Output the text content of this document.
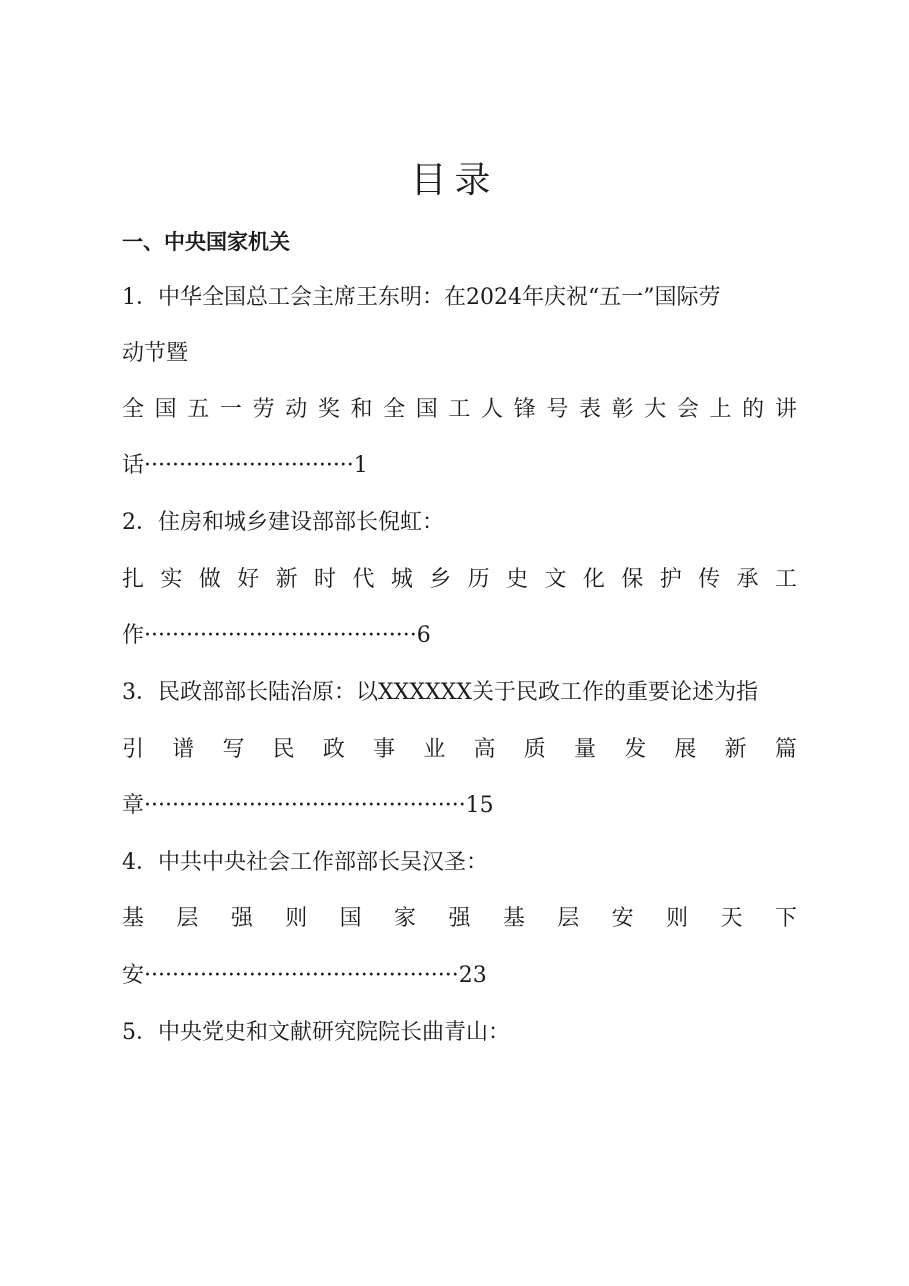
目录
一、中央国家机关
1．中华全国总工会主席王东明：在2024年庆祝“五一”国际劳
动节暨
全 国 五 一 劳 动 奖 和 全 国 工 人 锋 号 表 彰 大 会 上 的 讲
话······························1
2．住房和城乡建设部部长倪虹：
扎 实 做 好 新 时 代 城 乡 历 史 文 化 保 护 传 承 工
作·······································6
3．民政部部长陆治原：以XXXXXX关于民政工作的重要论述为指
引 谱 写 民 政 事 业 高 质 量 发 展 新 篇
章··············································15
4．中共中央社会工作部部长吴汉圣：
基 层 强 则 国 家 强 基 层 安 则 天 下
安·············································23
5．中央党史和文献研究院院长曲青山：
